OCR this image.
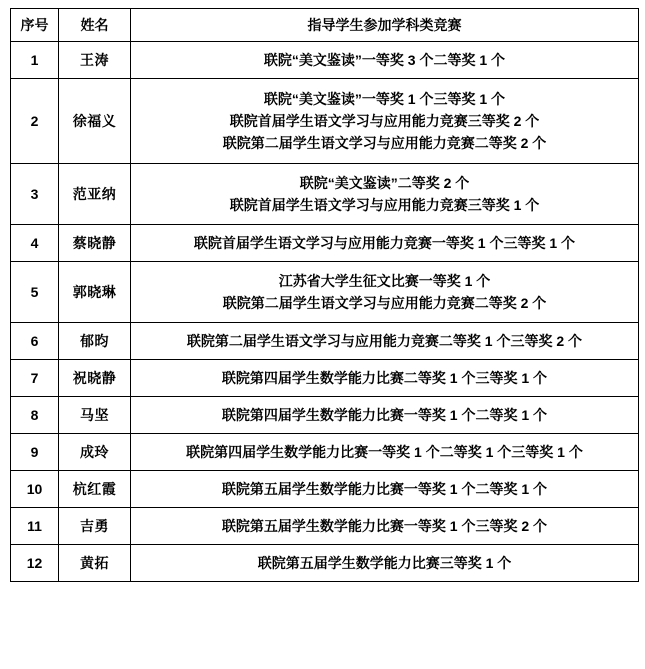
序号	姓名	指导学生参加学科类竞赛
1	王涛	联院“美文鉴读”一等奖 3 个二等奖 1 个

2	徐福义	联院“美文鉴读”一等奖 1 个三等奖 1 个
联院首届学生语文学习与应用能力竞赛三等奖 2 个
联院第二届学生语文学习与应用能力竞赛二等奖 2 个

3	范亚纳	联院“美文鉴读”二等奖 2 个
联院首届学生语文学习与应用能力竞赛三等奖 1 个

4	蔡晓静	联院首届学生语文学习与应用能力竞赛一等奖 1 个三等奖 1 个

5	郭晓琳	江苏省大学生征文比赛一等奖 1 个
联院第二届学生语文学习与应用能力竞赛二等奖 2 个

6	郁昀	联院第二届学生语文学习与应用能力竞赛二等奖 1 个三等奖 2 个

7	祝晓静	联院第四届学生数学能力比赛二等奖 1 个三等奖 1 个

8	马坚	联院第四届学生数学能力比赛一等奖 1 个二等奖 1 个

9	成玲	联院第四届学生数学能力比赛一等奖 1 个二等奖 1 个三等奖 1 个

10	杭红霞	联院第五届学生数学能力比赛一等奖 1 个二等奖 1 个

11	吉勇	联院第五届学生数学能力比赛一等奖 1 个三等奖 2 个

12	黄拓	联院第五届学生数学能力比赛三等奖 1 个
